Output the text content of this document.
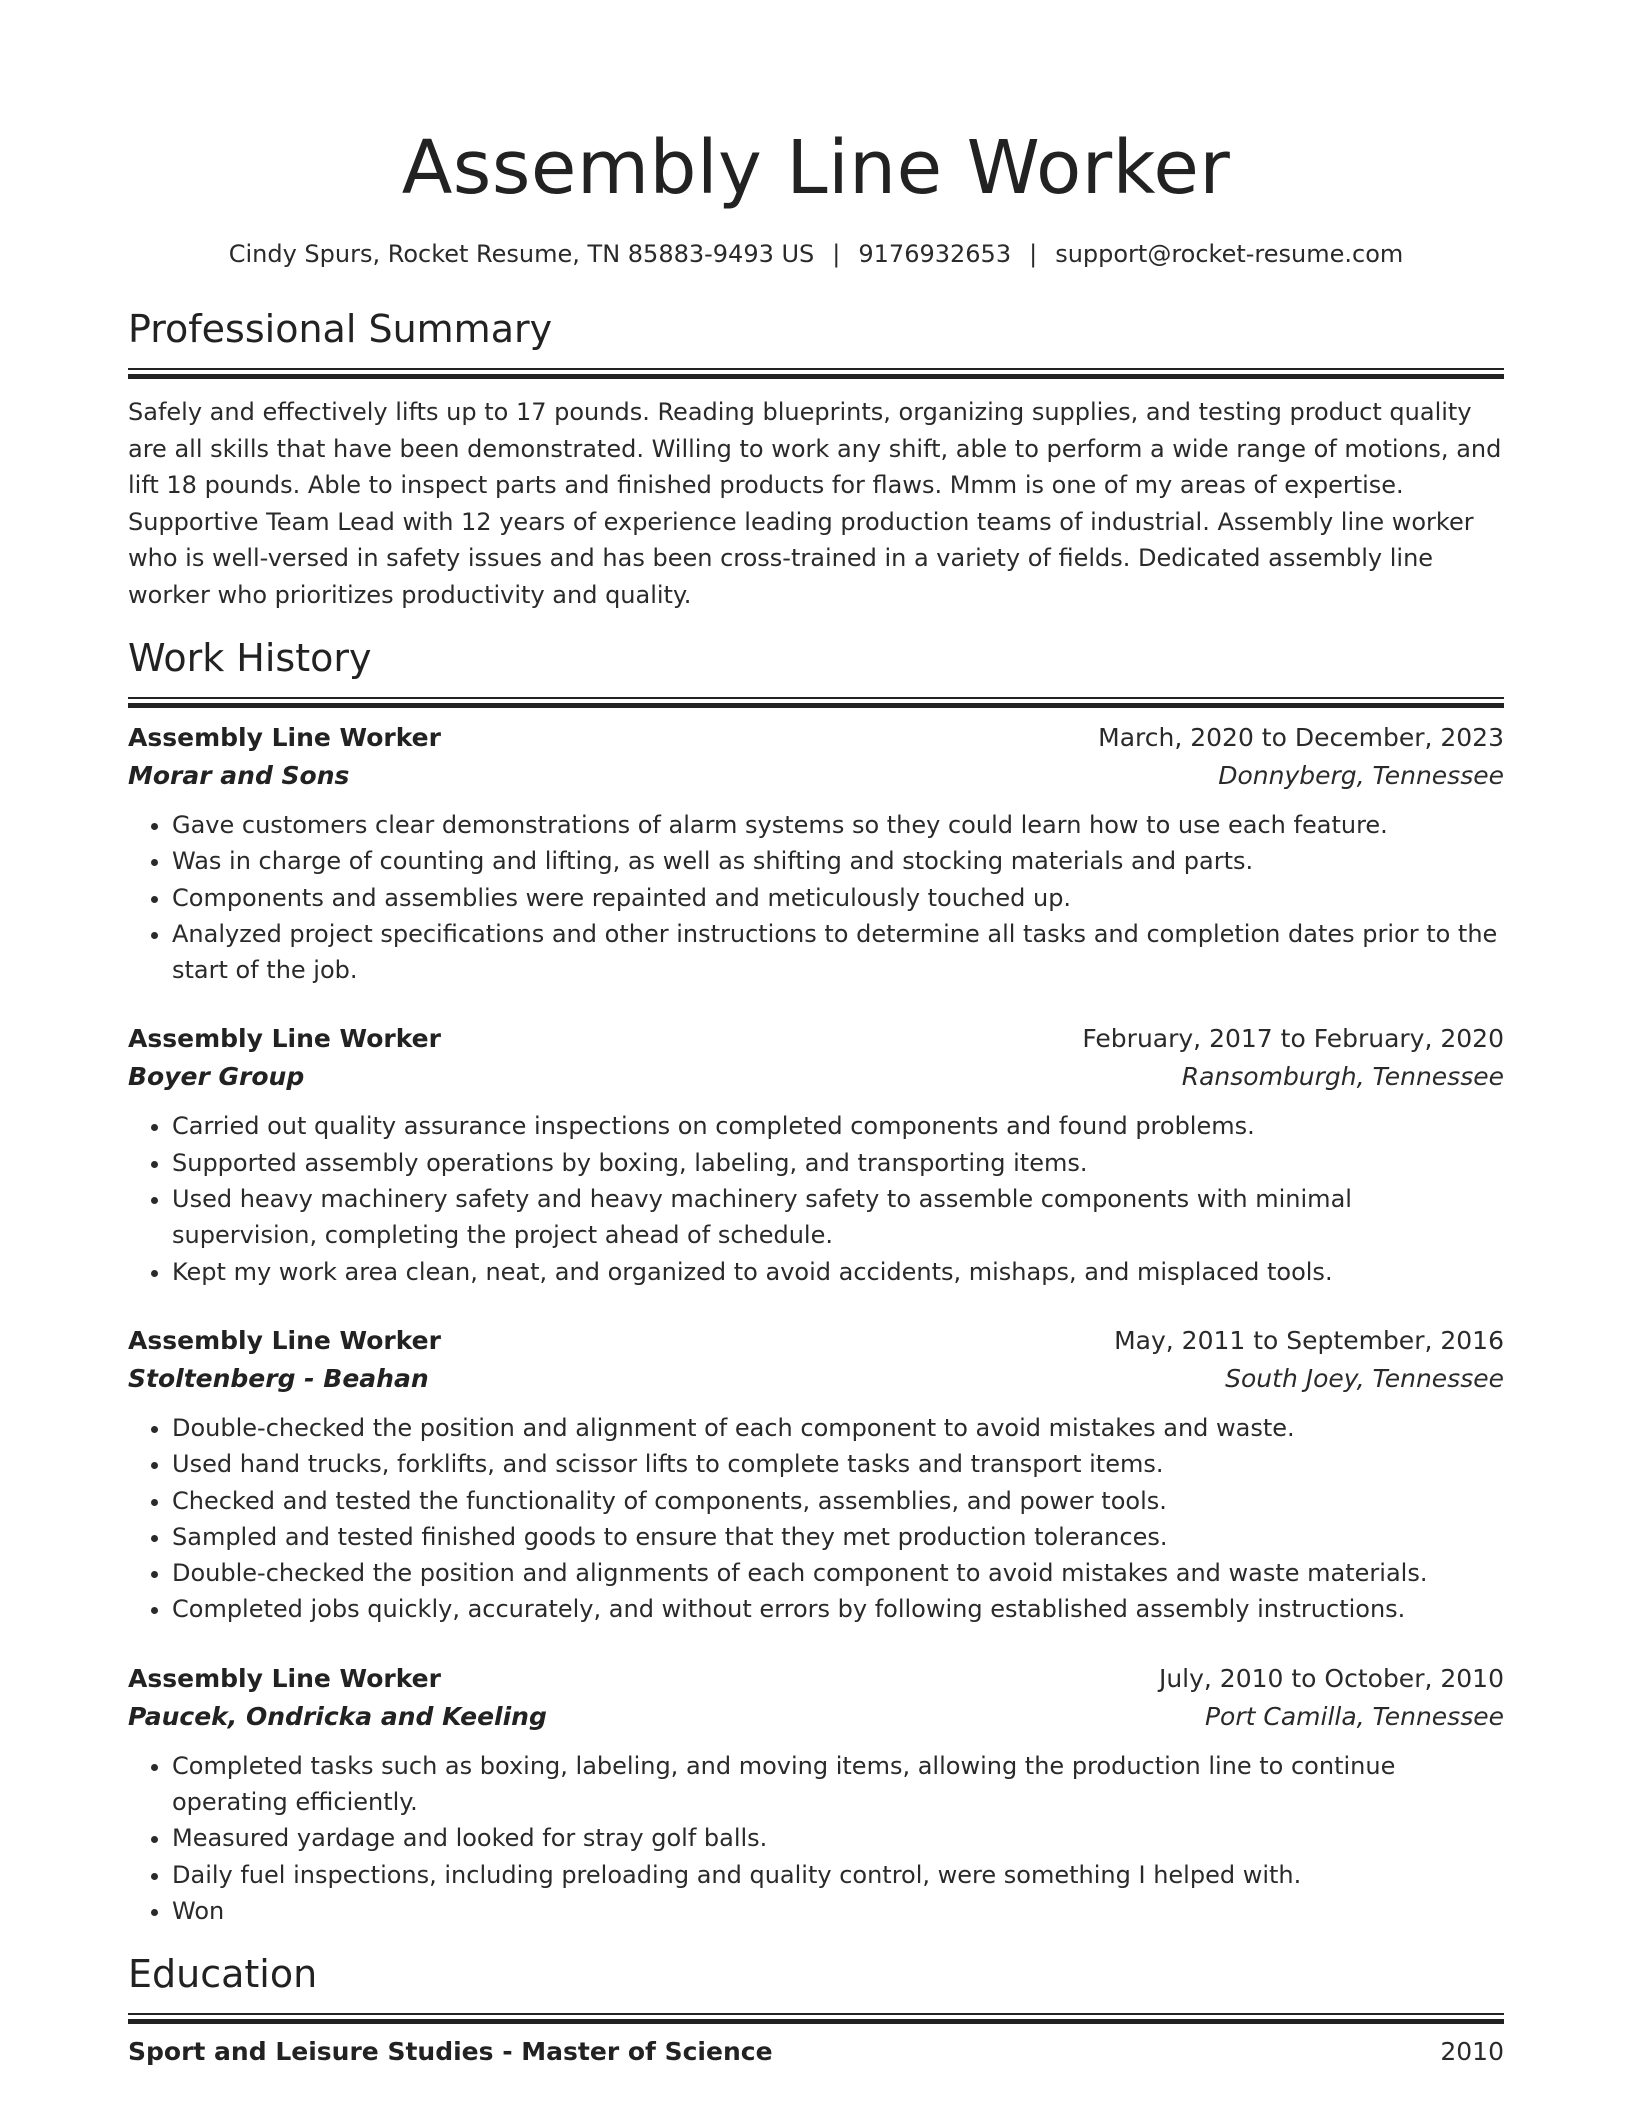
Assembly Line Worker
Cindy Spurs, Rocket Resume, TN 85883-9493 US | 9176932653 | support@rocket-resume.com
Professional Summary

Safely and effectively lifts up to 17 pounds. Reading blueprints, organizing supplies, and testing product quality are all skills that have been demonstrated. Willing to work any shift, able to perform a wide range of motions, and lift 18 pounds. Able to inspect parts and finished products for flaws. Mmm is one of my areas of expertise. Supportive Team Lead with 12 years of experience leading production teams of industrial. Assembly line worker who is well-versed in safety issues and has been cross-trained in a variety of fields. Dedicated assembly line worker who prioritizes productivity and quality.

Work History
Assembly Line Worker	March, 2020 to December, 2023
Morar and Sons	Donnyberg, Tennessee
• Gave customers clear demonstrations of alarm systems so they could learn how to use each feature.
• Was in charge of counting and lifting, as well as shifting and stocking materials and parts.
• Components and assemblies were repainted and meticulously touched up.
• Analyzed project specifications and other instructions to determine all tasks and completion dates prior to the start of the job.
Assembly Line Worker	February, 2017 to February, 2020
Boyer Group	Ransomburgh, Tennessee
• Carried out quality assurance inspections on completed components and found problems.
• Supported assembly operations by boxing, labeling, and transporting items.
• Used heavy machinery safety and heavy machinery safety to assemble components with minimal supervision, completing the project ahead of schedule.
• Kept my work area clean, neat, and organized to avoid accidents, mishaps, and misplaced tools.
Assembly Line Worker	May, 2011 to September, 2016
Stoltenberg - Beahan	South Joey, Tennessee
• Double-checked the position and alignment of each component to avoid mistakes and waste.
• Used hand trucks, forklifts, and scissor lifts to complete tasks and transport items.
• Checked and tested the functionality of components, assemblies, and power tools.
• Sampled and tested finished goods to ensure that they met production tolerances.
• Double-checked the position and alignments of each component to avoid mistakes and waste materials.
• Completed jobs quickly, accurately, and without errors by following established assembly instructions.
Assembly Line Worker	July, 2010 to October, 2010
Paucek, Ondricka and Keeling	Port Camilla, Tennessee
• Completed tasks such as boxing, labeling, and moving items, allowing the production line to continue operating efficiently.
• Measured yardage and looked for stray golf balls.
• Daily fuel inspections, including preloading and quality control, were something I helped with.
• Won
Education
Sport and Leisure Studies - Master of Science	2010
